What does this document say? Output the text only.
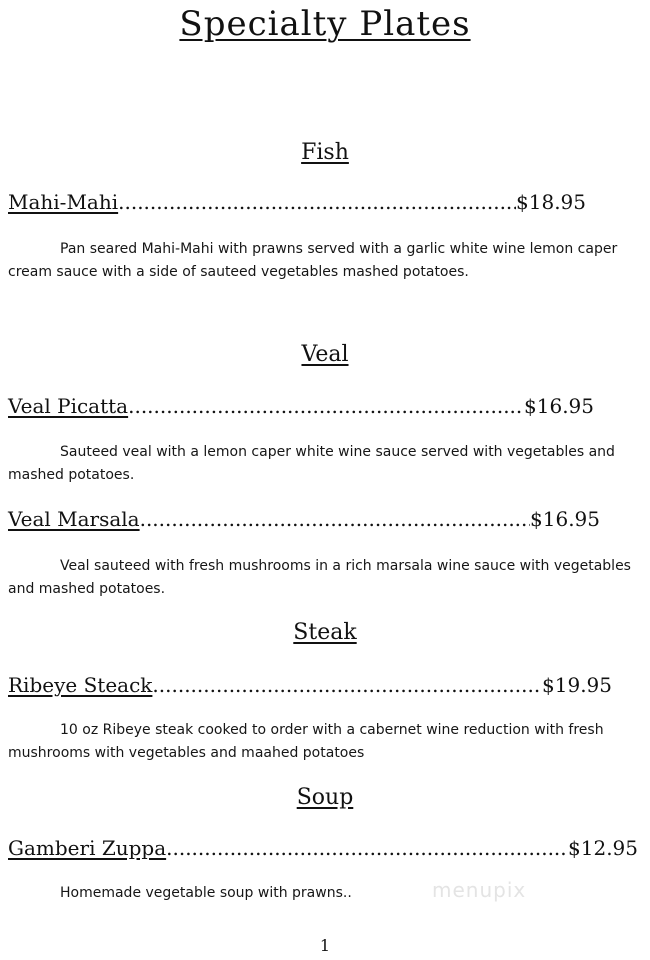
Specialty Plates
Fish
Mahi-Mahi .....	$18.95
Pan seared Mahi-Mahi with prawns served with a garlic white wine lemon caper cream sauce with a side of sauteed vegetables mashed potatoes.
Veal
Veal Picatta .....	$16.95
Sauteed veal with a lemon caper white wine sauce served with vegetables and mashed potatoes.
Veal Marsala .....	$16.95
Veal sauteed with fresh mushrooms in a rich marsala wine sauce with vegetables and mashed potatoes.
Steak
Ribeye Steack .....	$19.95
10 oz Ribeye steak cooked to order with a cabernet wine reduction with fresh mushrooms with vegetables and maahed potatoes
Soup
Gamberi Zuppa .....	$12.95
Homemade vegetable soup with prawns..	menupix
1
